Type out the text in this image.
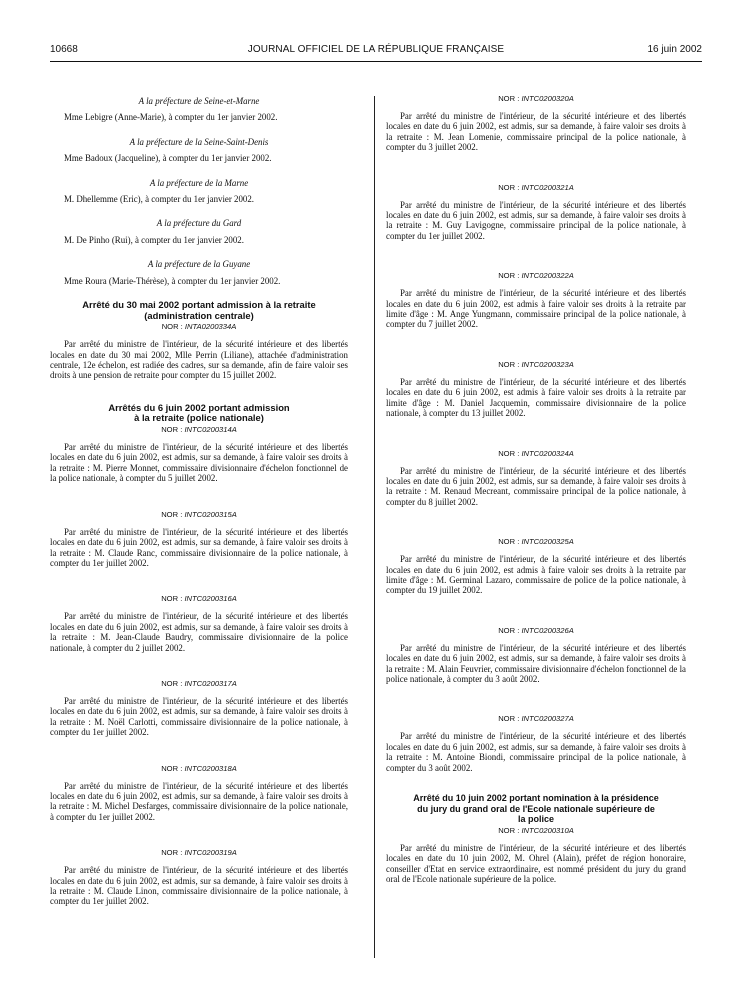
10668	JOURNAL OFFICIEL DE LA RÉPUBLIQUE FRANÇAISE	16 juin 2002
A la préfecture de Seine-et-Marne
Mme Lebigre (Anne-Marie), à compter du 1er janvier 2002.
A la préfecture de la Seine-Saint-Denis
Mme Badoux (Jacqueline), à compter du 1er janvier 2002.
A la préfecture de la Marne
M. Dhellemme (Eric), à compter du 1er janvier 2002.
A la préfecture du Gard
M. De Pinho (Rui), à compter du 1er janvier 2002.
A la préfecture de la Guyane
Mme Roura (Marie-Thérèse), à compter du 1er janvier 2002.
Arrêté du 30 mai 2002 portant admission à la retraite
(administration centrale)
NOR : INTA0200334A

Par arrêté du ministre de l'intérieur, de la sécurité intérieure et des libertés locales en date du 30 mai 2002, Mlle Perrin (Liliane), attachée d'administration centrale, 12e échelon, est radiée des cadres, sur sa demande, afin de faire valoir ses droits à une pension de retraite pour compter du 15 juillet 2002.

Arrêtés du 6 juin 2002 portant admission
à la retraite (police nationale)
NOR : INTC0200314A

Par arrêté du ministre de l'intérieur, de la sécurité intérieure et des libertés locales en date du 6 juin 2002, est admis, sur sa demande, à faire valoir ses droits à la retraite : M. Pierre Monnet, commissaire divisionnaire d'échelon fonctionnel de la police nationale, à compter du 5 juillet 2002.

NOR : INTC0200315A

Par arrêté du ministre de l'intérieur, de la sécurité intérieure et des libertés locales en date du 6 juin 2002, est admis, sur sa demande, à faire valoir ses droits à la retraite : M. Claude Ranc, commissaire divisionnaire de la police nationale, à compter du 1er juillet 2002.

NOR : INTC0200316A

Par arrêté du ministre de l'intérieur, de la sécurité intérieure et des libertés locales en date du 6 juin 2002, est admis, sur sa demande, à faire valoir ses droits à la retraite : M. Jean-Claude Baudry, commissaire divisionnaire de la police nationale, à compter du 2 juillet 2002.

NOR : INTC0200317A

Par arrêté du ministre de l'intérieur, de la sécurité intérieure et des libertés locales en date du 6 juin 2002, est admis, sur sa demande, à faire valoir ses droits à la retraite : M. Noël Carlotti, commissaire divisionnaire de la police nationale, à compter du 1er juillet 2002.

NOR : INTC0200318A

Par arrêté du ministre de l'intérieur, de la sécurité intérieure et des libertés locales en date du 6 juin 2002, est admis, sur sa demande, à faire valoir ses droits à la retraite : M. Michel Desfarges, commissaire divisionnaire de la police nationale, à compter du 1er juillet 2002.

NOR : INTC0200319A

Par arrêté du ministre de l'intérieur, de la sécurité intérieure et des libertés locales en date du 6 juin 2002, est admis, sur sa demande, à faire valoir ses droits à la retraite : M. Claude Linon, commissaire divisionnaire de la police nationale, à compter du 1er juillet 2002.

NOR : INTC0200320A

Par arrêté du ministre de l'intérieur, de la sécurité intérieure et des libertés locales en date du 6 juin 2002, est admis, sur sa demande, à faire valoir ses droits à la retraite : M. Jean Lomenie, commissaire principal de la police nationale, à compter du 3 juillet 2002.

NOR : INTC0200321A

Par arrêté du ministre de l'intérieur, de la sécurité intérieure et des libertés locales en date du 6 juin 2002, est admis, sur sa demande, à faire valoir ses droits à la retraite : M. Guy Lavigogne, commissaire principal de la police nationale, à compter du 1er juillet 2002.

NOR : INTC0200322A

Par arrêté du ministre de l'intérieur, de la sécurité intérieure et des libertés locales en date du 6 juin 2002, est admis à faire valoir ses droits à la retraite par limite d'âge : M. Ange Yungmann, commissaire principal de la police nationale, à compter du 7 juillet 2002.

NOR : INTC0200323A

Par arrêté du ministre de l'intérieur, de la sécurité intérieure et des libertés locales en date du 6 juin 2002, est admis à faire valoir ses droits à la retraite par limite d'âge : M. Daniel Jacquemin, commissaire divisionnaire de la police nationale, à compter du 13 juillet 2002.

NOR : INTC0200324A

Par arrêté du ministre de l'intérieur, de la sécurité intérieure et des libertés locales en date du 6 juin 2002, est admis, sur sa demande, à faire valoir ses droits à la retraite : M. Renaud Mecreant, commissaire principal de la police nationale, à compter du 8 juillet 2002.

NOR : INTC0200325A

Par arrêté du ministre de l'intérieur, de la sécurité intérieure et des libertés locales en date du 6 juin 2002, est admis à faire valoir ses droits à la retraite par limite d'âge : M. Germinal Lazaro, commissaire de police de la police nationale, à compter du 19 juillet 2002.

NOR : INTC0200326A

Par arrêté du ministre de l'intérieur, de la sécurité intérieure et des libertés locales en date du 6 juin 2002, est admis, sur sa demande, à faire valoir ses droits à la retraite : M. Alain Feuvrier, commissaire divisionnaire d'échelon fonctionnel de la police nationale, à compter du 3 août 2002.

NOR : INTC0200327A

Par arrêté du ministre de l'intérieur, de la sécurité intérieure et des libertés locales en date du 6 juin 2002, est admis, sur sa demande, à faire valoir ses droits à la retraite : M. Antoine Biondi, commissaire principal de la police nationale, à compter du 3 août 2002.

Arrêté du 10 juin 2002 portant nomination à la présidence
du jury du grand oral de l'Ecole nationale supérieure de
la police
NOR : INTC0200310A

Par arrêté du ministre de l'intérieur, de la sécurité intérieure et des libertés locales en date du 10 juin 2002, M. Ohrel (Alain), préfet de région honoraire, conseiller d'Etat en service extraordinaire, est nommé président du jury du grand oral de l'Ecole nationale supérieure de la police.
